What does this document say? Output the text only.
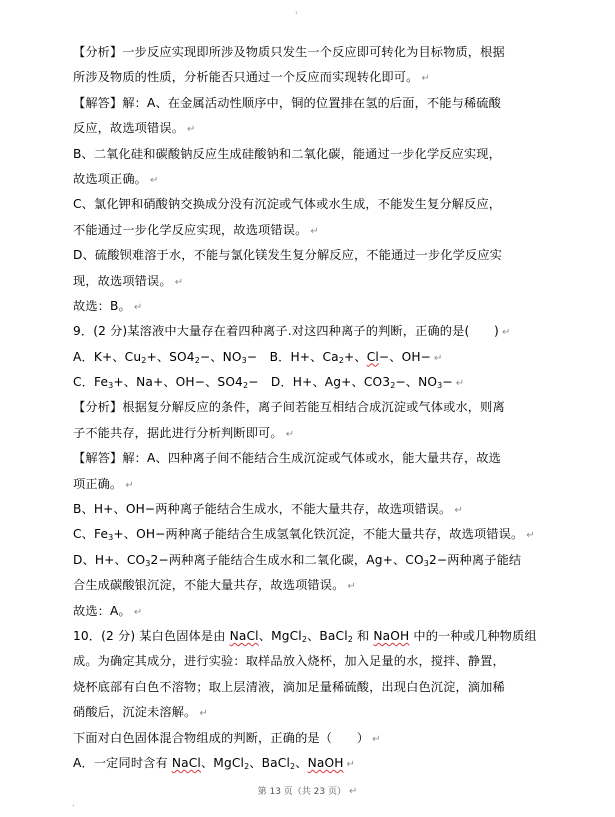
'
【分析】一步反应实现即所涉及物质只发生一个反应即可转化为目标物质，根据
所涉及物质的性质，分析能否只通过一个反应而实现转化即可。 ↵
【解答】解：A、在金属活动性顺序中，铜的位置排在氢的后面，不能与稀硫酸
反应，故选项错误。 ↵
B、二氧化硅和碳酸钠反应生成硅酸钠和二氧化碳，能通过一步化学反应实现，
故选项正确。 ↵
C、氯化钾和硝酸钠交换成分没有沉淀或气体或水生成，不能发生复分解反应，
不能通过一步化学反应实现，故选项错误。 ↵
D、硫酸钡难溶于水，不能与氯化镁发生复分解反应，不能通过一步化学反应实
现，故选项错误。 ↵
故选：B。 ↵
9．(2 分)某溶液中大量存在着四种离子.对这四种离子的判断，正确的是(　　) ↵
A．K+、$Cu_2+$、$SO4_2-$、$NO_3-$　B．H+、$Ca_2+$、Cl−、OH− ↵
C．$Fe_3+$、Na+、OH−、$SO4_2-$　D．H+、Ag+、$CO3_2-$、$NO_3-$ ↵
【分析】根据复分解反应的条件，离子间若能互相结合成沉淀或气体或水，则离
子不能共存，据此进行分析判断即可。 ↵
【解答】解：A、四种离子间不能结合生成沉淀或气体或水，能大量共存，故选
项正确。 ↵
B、H+、OH−两种离子能结合生成水，不能大量共存，故选项错误。 ↵
C、$Fe_3+$、OH−两种离子能结合生成氢氧化铁沉淀，不能大量共存，故选项错误。 ↵
D、H+、$CO_32-$两种离子能结合生成水和二氧化碳，Ag+、$CO_32-$两种离子能结
合生成碳酸银沉淀，不能大量共存，故选项错误。 ↵
故选：A。 ↵
10．(2 分) 某白色固体是由 NaCl、MgCl$_2$、BaCl$_2$ 和 NaOH 中的一种或几种物质组
成。为确定其成分，进行实验：取样品放入烧杯，加入足量的水，搅拌、静置，
烧杯底部有白色不溶物；取上层清液，滴加足量稀硫酸，出现白色沉淀，滴加稀
硝酸后，沉淀未溶解。 ↵
下面对白色固体混合物组成的判断，正确的是（　　） ↵
A．一定同时含有 NaCl、MgCl$_2$、BaCl$_2$、NaOH ↵
第 13 页（共 23 页） ↵
.
